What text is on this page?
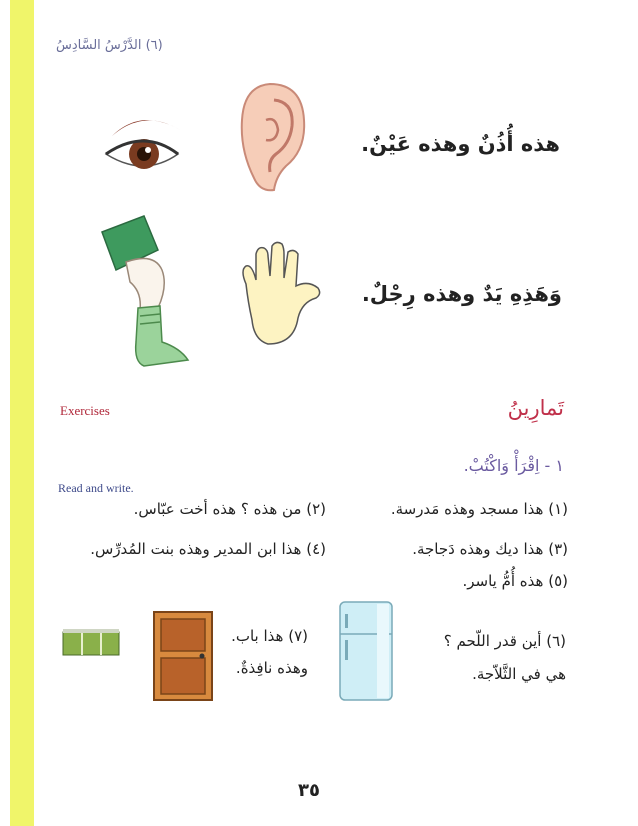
(٦) الدَّرْسُ السَّادِسُ
هذه أُذُنٌ وهذه عَيْنٌ.
وَهَذِهِ يَدٌ وهذه رِجْلٌ.
Exercises	تَمارِينُ
١ - اِقْرَأْ وَاكْتُبْ.
Read and write.
(١) هذا مسجد وهذه مَدرسة.
(٢) من هذه ؟ هذه أخت عبّاس.
(٣) هذا ديك وهذه دَجاجة.
(٤) هذا ابن المدير وهذه بنت المُدرِّس.
(٥) هذه أُمُّ ياسر.
(٦) أين قدر اللّحم ؟
هي في الثَّلاّجة.
(٧) هذا باب.
وهذه نافِذةٌ.
٣٥
